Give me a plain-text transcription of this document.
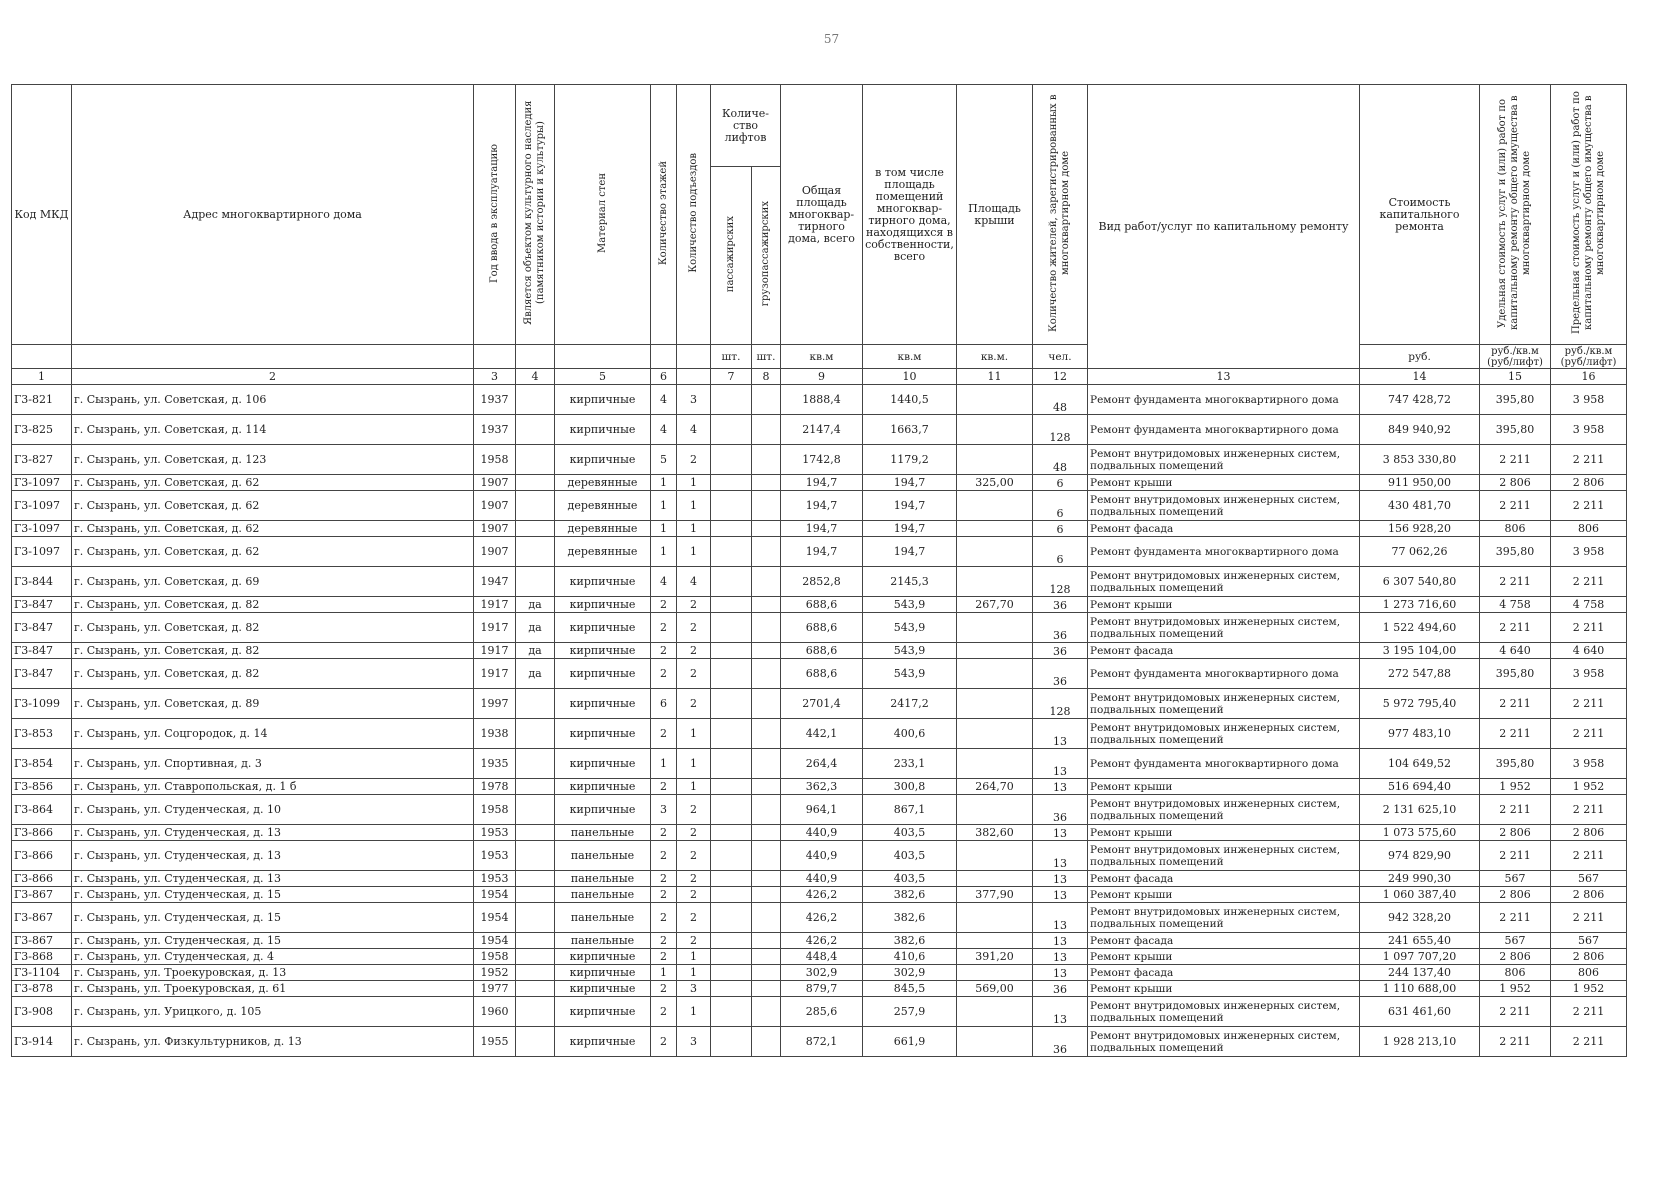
57
Код МКД	Адрес многоквартирного дома	Год ввода в эксплуатацию	Является объектом культурного наследия (памятником истории и культуры)	Материал стен	Количество этажей	Количество подъездов	Количе- ство лифтов		Общая площадь многоквар- тирного дома, всего	в том числе площадь помещений многоквар- тирного дома, находящихся в собственности, всего	Площадь крыши	Количество жителей, зарегистрированных в многоквартирном доме	Вид работ/услуг по капитальному ремонту	Стоимость капитального ремонта	Удельная стоимость услуг и (или) работ по капитальному ремонту общего имущества в многоквартирном доме	Предельная стоимость услуг и (или) работ по капитальному ремонту общего имущества в многоквартирном доме
							пассажирских	грузопассажирских								
							шт.	шт.	кв.м	кв.м	кв.м.	чел.		руб.	руб./кв.м (руб/лифт)	руб./кв.м (руб/лифт)
1	2	3	4	5	6		7	8	9	10	11	12	13	14	15	16
Г3-821	г. Сызрань, ул. Советская, д. 106	1937		кирпичные	4	3			1888,4	1440,5		48	Ремонт фундамента многоквартирного дома	747 428,72	395,80	3 958
Г3-825	г. Сызрань, ул. Советская, д. 114	1937		кирпичные	4	4			2147,4	1663,7		128	Ремонт фундамента многоквартирного дома	849 940,92	395,80	3 958
Г3-827	г. Сызрань, ул. Советская, д. 123	1958		кирпичные	5	2			1742,8	1179,2		48	Ремонт внутридомовых инженерных систем, подвальных помещений	3 853 330,80	2 211	2 211
Г3-1097	г. Сызрань, ул. Советская, д. 62	1907		деревянные	1	1			194,7	194,7	325,00	6	Ремонт крыши	911 950,00	2 806	2 806
Г3-1097	г. Сызрань, ул. Советская, д. 62	1907		деревянные	1	1			194,7	194,7		6	Ремонт внутридомовых инженерных систем, подвальных помещений	430 481,70	2 211	2 211
Г3-1097	г. Сызрань, ул. Советская, д. 62	1907		деревянные	1	1			194,7	194,7		6	Ремонт фасада	156 928,20	806	806
Г3-1097	г. Сызрань, ул. Советская, д. 62	1907		деревянные	1	1			194,7	194,7		6	Ремонт фундамента многоквартирного дома	77 062,26	395,80	3 958
Г3-844	г. Сызрань, ул. Советская, д. 69	1947		кирпичные	4	4			2852,8	2145,3		128	Ремонт внутридомовых инженерных систем, подвальных помещений	6 307 540,80	2 211	2 211
Г3-847	г. Сызрань, ул. Советская, д. 82	1917	да	кирпичные	2	2			688,6	543,9	267,70	36	Ремонт крыши	1 273 716,60	4 758	4 758
Г3-847	г. Сызрань, ул. Советская, д. 82	1917	да	кирпичные	2	2			688,6	543,9		36	Ремонт внутридомовых инженерных систем, подвальных помещений	1 522 494,60	2 211	2 211
Г3-847	г. Сызрань, ул. Советская, д. 82	1917	да	кирпичные	2	2			688,6	543,9		36	Ремонт фасада	3 195 104,00	4 640	4 640
Г3-847	г. Сызрань, ул. Советская, д. 82	1917	да	кирпичные	2	2			688,6	543,9		36	Ремонт фундамента многоквартирного дома	272 547,88	395,80	3 958
Г3-1099	г. Сызрань, ул. Советская, д. 89	1997		кирпичные	6	2			2701,4	2417,2		128	Ремонт внутридомовых инженерных систем, подвальных помещений	5 972 795,40	2 211	2 211
Г3-853	г. Сызрань, ул. Соцгородок, д. 14	1938		кирпичные	2	1			442,1	400,6		13	Ремонт внутридомовых инженерных систем, подвальных помещений	977 483,10	2 211	2 211
Г3-854	г. Сызрань, ул. Спортивная, д. 3	1935		кирпичные	1	1			264,4	233,1		13	Ремонт фундамента многоквартирного дома	104 649,52	395,80	3 958
Г3-856	г. Сызрань, ул. Ставропольская, д. 1 б	1978		кирпичные	2	1			362,3	300,8	264,70	13	Ремонт крыши	516 694,40	1 952	1 952
Г3-864	г. Сызрань, ул. Студенческая, д. 10	1958		кирпичные	3	2			964,1	867,1		36	Ремонт внутридомовых инженерных систем, подвальных помещений	2 131 625,10	2 211	2 211
Г3-866	г. Сызрань, ул. Студенческая, д. 13	1953		панельные	2	2			440,9	403,5	382,60	13	Ремонт крыши	1 073 575,60	2 806	2 806
Г3-866	г. Сызрань, ул. Студенческая, д. 13	1953		панельные	2	2			440,9	403,5		13	Ремонт внутридомовых инженерных систем, подвальных помещений	974 829,90	2 211	2 211
Г3-866	г. Сызрань, ул. Студенческая, д. 13	1953		панельные	2	2			440,9	403,5		13	Ремонт фасада	249 990,30	567	567
Г3-867	г. Сызрань, ул. Студенческая, д. 15	1954		панельные	2	2			426,2	382,6	377,90	13	Ремонт крыши	1 060 387,40	2 806	2 806
Г3-867	г. Сызрань, ул. Студенческая, д. 15	1954		панельные	2	2			426,2	382,6		13	Ремонт внутридомовых инженерных систем, подвальных помещений	942 328,20	2 211	2 211
Г3-867	г. Сызрань, ул. Студенческая, д. 15	1954		панельные	2	2			426,2	382,6		13	Ремонт фасада	241 655,40	567	567
Г3-868	г. Сызрань, ул. Студенческая, д. 4	1958		кирпичные	2	1			448,4	410,6	391,20	13	Ремонт крыши	1 097 707,20	2 806	2 806
Г3-1104	г. Сызрань, ул. Троекуровская, д. 13	1952		кирпичные	1	1			302,9	302,9		13	Ремонт фасада	244 137,40	806	806
Г3-878	г. Сызрань, ул. Троекуровская, д. 61	1977		кирпичные	2	3			879,7	845,5	569,00	36	Ремонт крыши	1 110 688,00	1 952	1 952
Г3-908	г. Сызрань, ул. Урицкого, д. 105	1960		кирпичные	2	1			285,6	257,9		13	Ремонт внутридомовых инженерных систем, подвальных помещений	631 461,60	2 211	2 211
Г3-914	г. Сызрань, ул. Физкультурников, д. 13	1955		кирпичные	2	3			872,1	661,9		36	Ремонт внутридомовых инженерных систем, подвальных помещений	1 928 213,10	2 211	2 211
